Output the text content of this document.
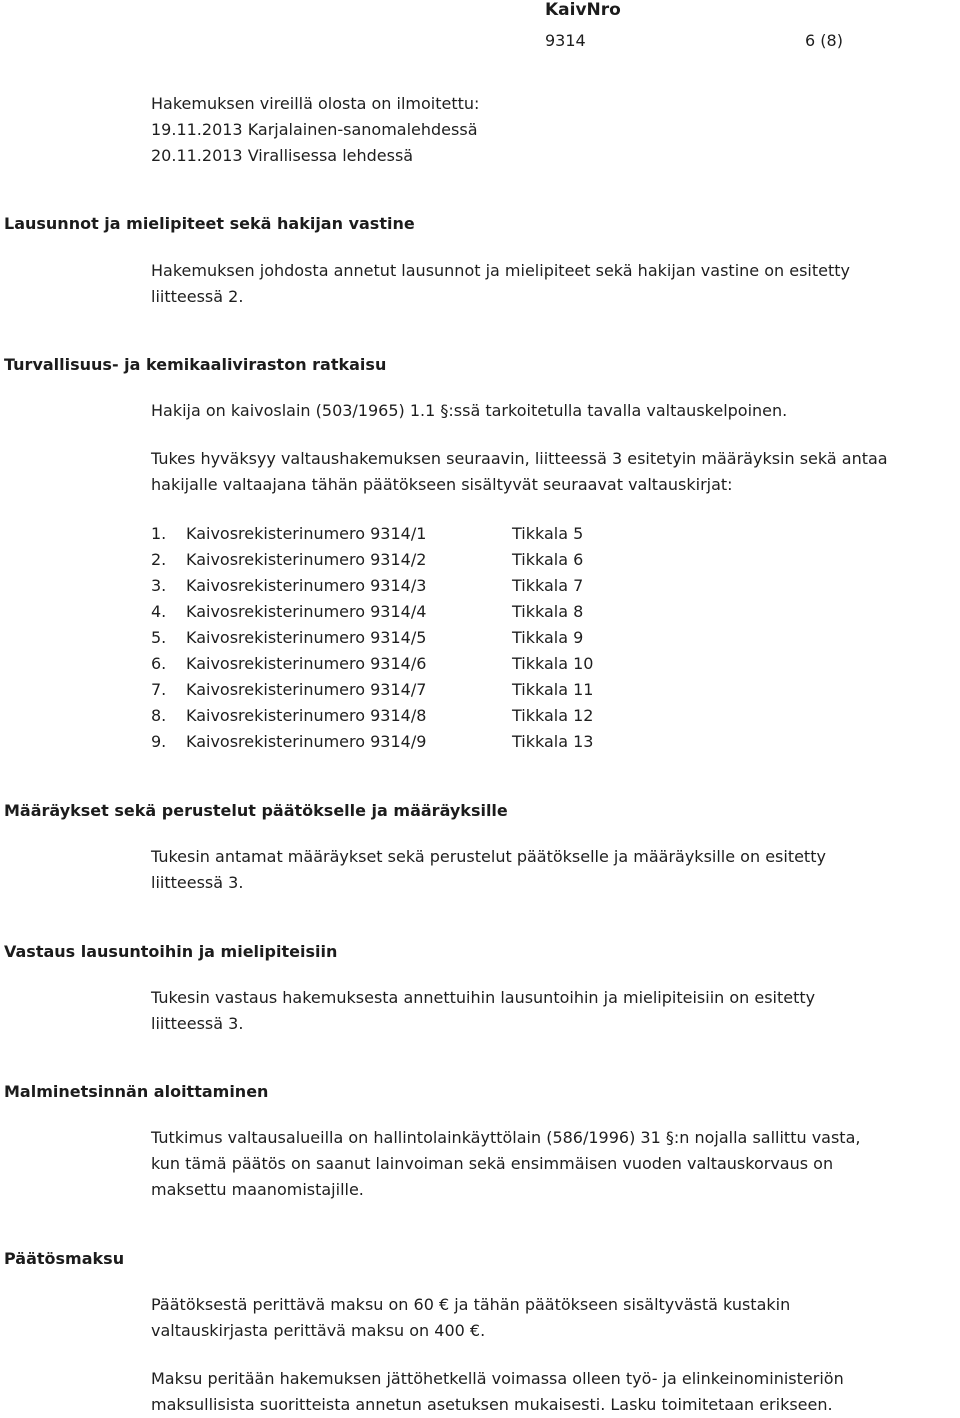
KaivNro
9314	6 (8)
Hakemuksen vireillä olosta on ilmoitettu:
19.11.2013 Karjalainen-sanomalehdessä
20.11.2013 Virallisessa lehdessä
Lausunnot ja mielipiteet sekä hakijan vastine
Hakemuksen johdosta annetut lausunnot ja mielipiteet sekä hakijan vastine on esitetty
liitteessä 2.
Turvallisuus- ja kemikaaliviraston ratkaisu
Hakija on kaivoslain (503/1965) 1.1 §:ssä tarkoitetulla tavalla valtauskelpoinen.
Tukes hyväksyy valtaushakemuksen seuraavin, liitteessä 3 esitetyin määräyksin sekä antaa
hakijalle valtaajana tähän päätökseen sisältyvät seuraavat valtauskirjat:
1. Kaivosrekisterinumero 9314/1	Tikkala 5
2. Kaivosrekisterinumero 9314/2	Tikkala 6
3. Kaivosrekisterinumero 9314/3	Tikkala 7
4. Kaivosrekisterinumero 9314/4	Tikkala 8
5. Kaivosrekisterinumero 9314/5	Tikkala 9
6. Kaivosrekisterinumero 9314/6	Tikkala 10
7. Kaivosrekisterinumero 9314/7	Tikkala 11
8. Kaivosrekisterinumero 9314/8	Tikkala 12
9. Kaivosrekisterinumero 9314/9	Tikkala 13
Määräykset sekä perustelut päätökselle ja määräyksille
Tukesin antamat määräykset sekä perustelut päätökselle ja määräyksille on esitetty
liitteessä 3.
Vastaus lausuntoihin ja mielipiteisiin
Tukesin vastaus hakemuksesta annettuihin lausuntoihin ja mielipiteisiin on esitetty
liitteessä 3.
Malminetsinnän aloittaminen
Tutkimus valtausalueilla on hallintolainkäyttölain (586/1996) 31 §:n nojalla sallittu vasta,
kun tämä päätös on saanut lainvoiman sekä ensimmäisen vuoden valtauskorvaus on
maksettu maanomistajille.
Päätösmaksu
Päätöksestä perittävä maksu on 60 € ja tähän päätökseen sisältyvästä kustakin
valtauskirjasta perittävä maksu on 400 €.
Maksu peritään hakemuksen jättöhetkellä voimassa olleen työ- ja elinkeinoministeriön
maksullisista suoritteista annetun asetuksen mukaisesti. Lasku toimitetaan erikseen.
